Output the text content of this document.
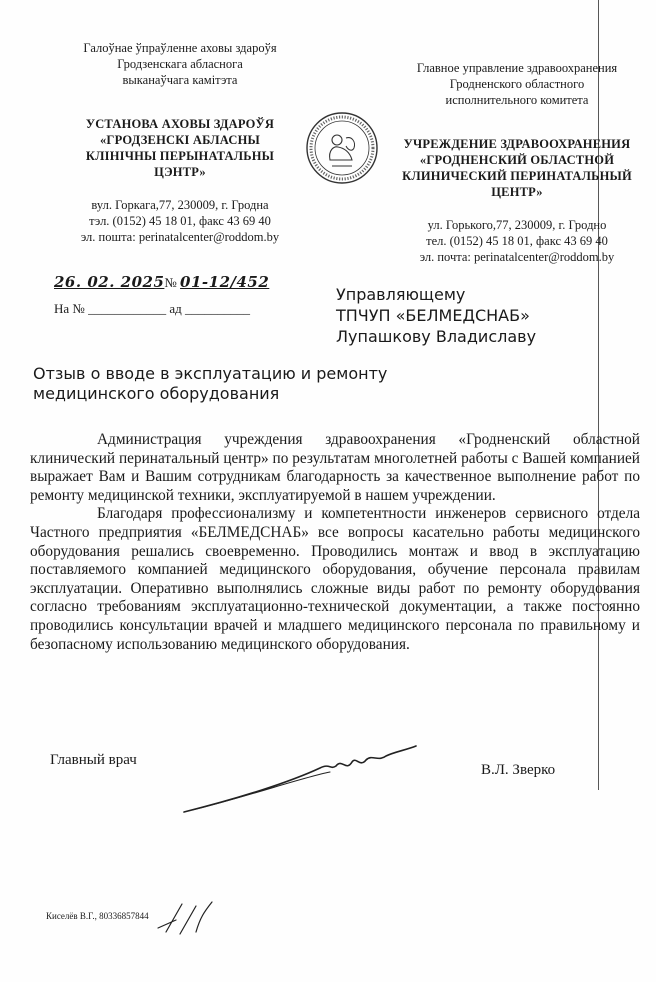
Галоўнае ўпраўленне аховы здароўя
Гродзенскага абласнога
выканаўчага камітэта
УСТАНОВА АХОВЫ ЗДАРОЎЯ
«ГРОДЗЕНСКІ АБЛАСНЫ
КЛІНІЧНЫ ПЕРЫНАТАЛЬНЫ
ЦЭНТР»
вул. Горкага,77, 230009, г. Гродна
тэл. (0152) 45 18 01, факс 43 69 40
эл. пошта: perinatalcenter@roddom.by
Главное управление здравоохранения
Гродненского областного
исполнительного комитета
УЧРЕЖДЕНИЕ ЗДРАВООХРАНЕНИЯ
«ГРОДНЕНСКИЙ ОБЛАСТНОЙ
КЛИНИЧЕСКИЙ ПЕРИНАТАЛЬНЫЙ
ЦЕНТР»
ул. Горького,77, 230009, г. Гродно
тел. (0152) 45 18 01, факс 43 69 40
эл. почта: perinatalcenter@roddom.by
26. 02. 2025№ 01-12/452
На № ____________ ад __________
Управляющему
ТПЧУП «БЕЛМЕДСНАБ»
Лупашкову Владиславу
Отзыв о вводе в эксплуатацию и ремонту
медицинского оборудования

Администрация учреждения здравоохранения «Гродненский областной клинический перинатальный центр» по результатам многолетней работы с Вашей компанией выражает Вам и Вашим сотрудникам благодарность за качественное выполнение работ по ремонту медицинской техники, эксплуатируемой в нашем учреждении.

Благодаря профессионализму и компетентности инженеров сервисного отдела Частного предприятия «БЕЛМЕДСНАБ» все вопросы касательно работы медицинского оборудования решались своевременно. Проводились монтаж и ввод в эксплуатацию поставляемого компанией медицинского оборудования, обучение персонала правилам эксплуатации. Оперативно выполнялись сложные виды работ по ремонту оборудования согласно требованиям эксплуатационно-технической документации, а также постоянно проводились консультации врачей и младшего медицинского персонала по правильному и безопасному использованию медицинского оборудования.

Главный врач
В.Л. Зверко
Киселёв В.Г., 80336857844
